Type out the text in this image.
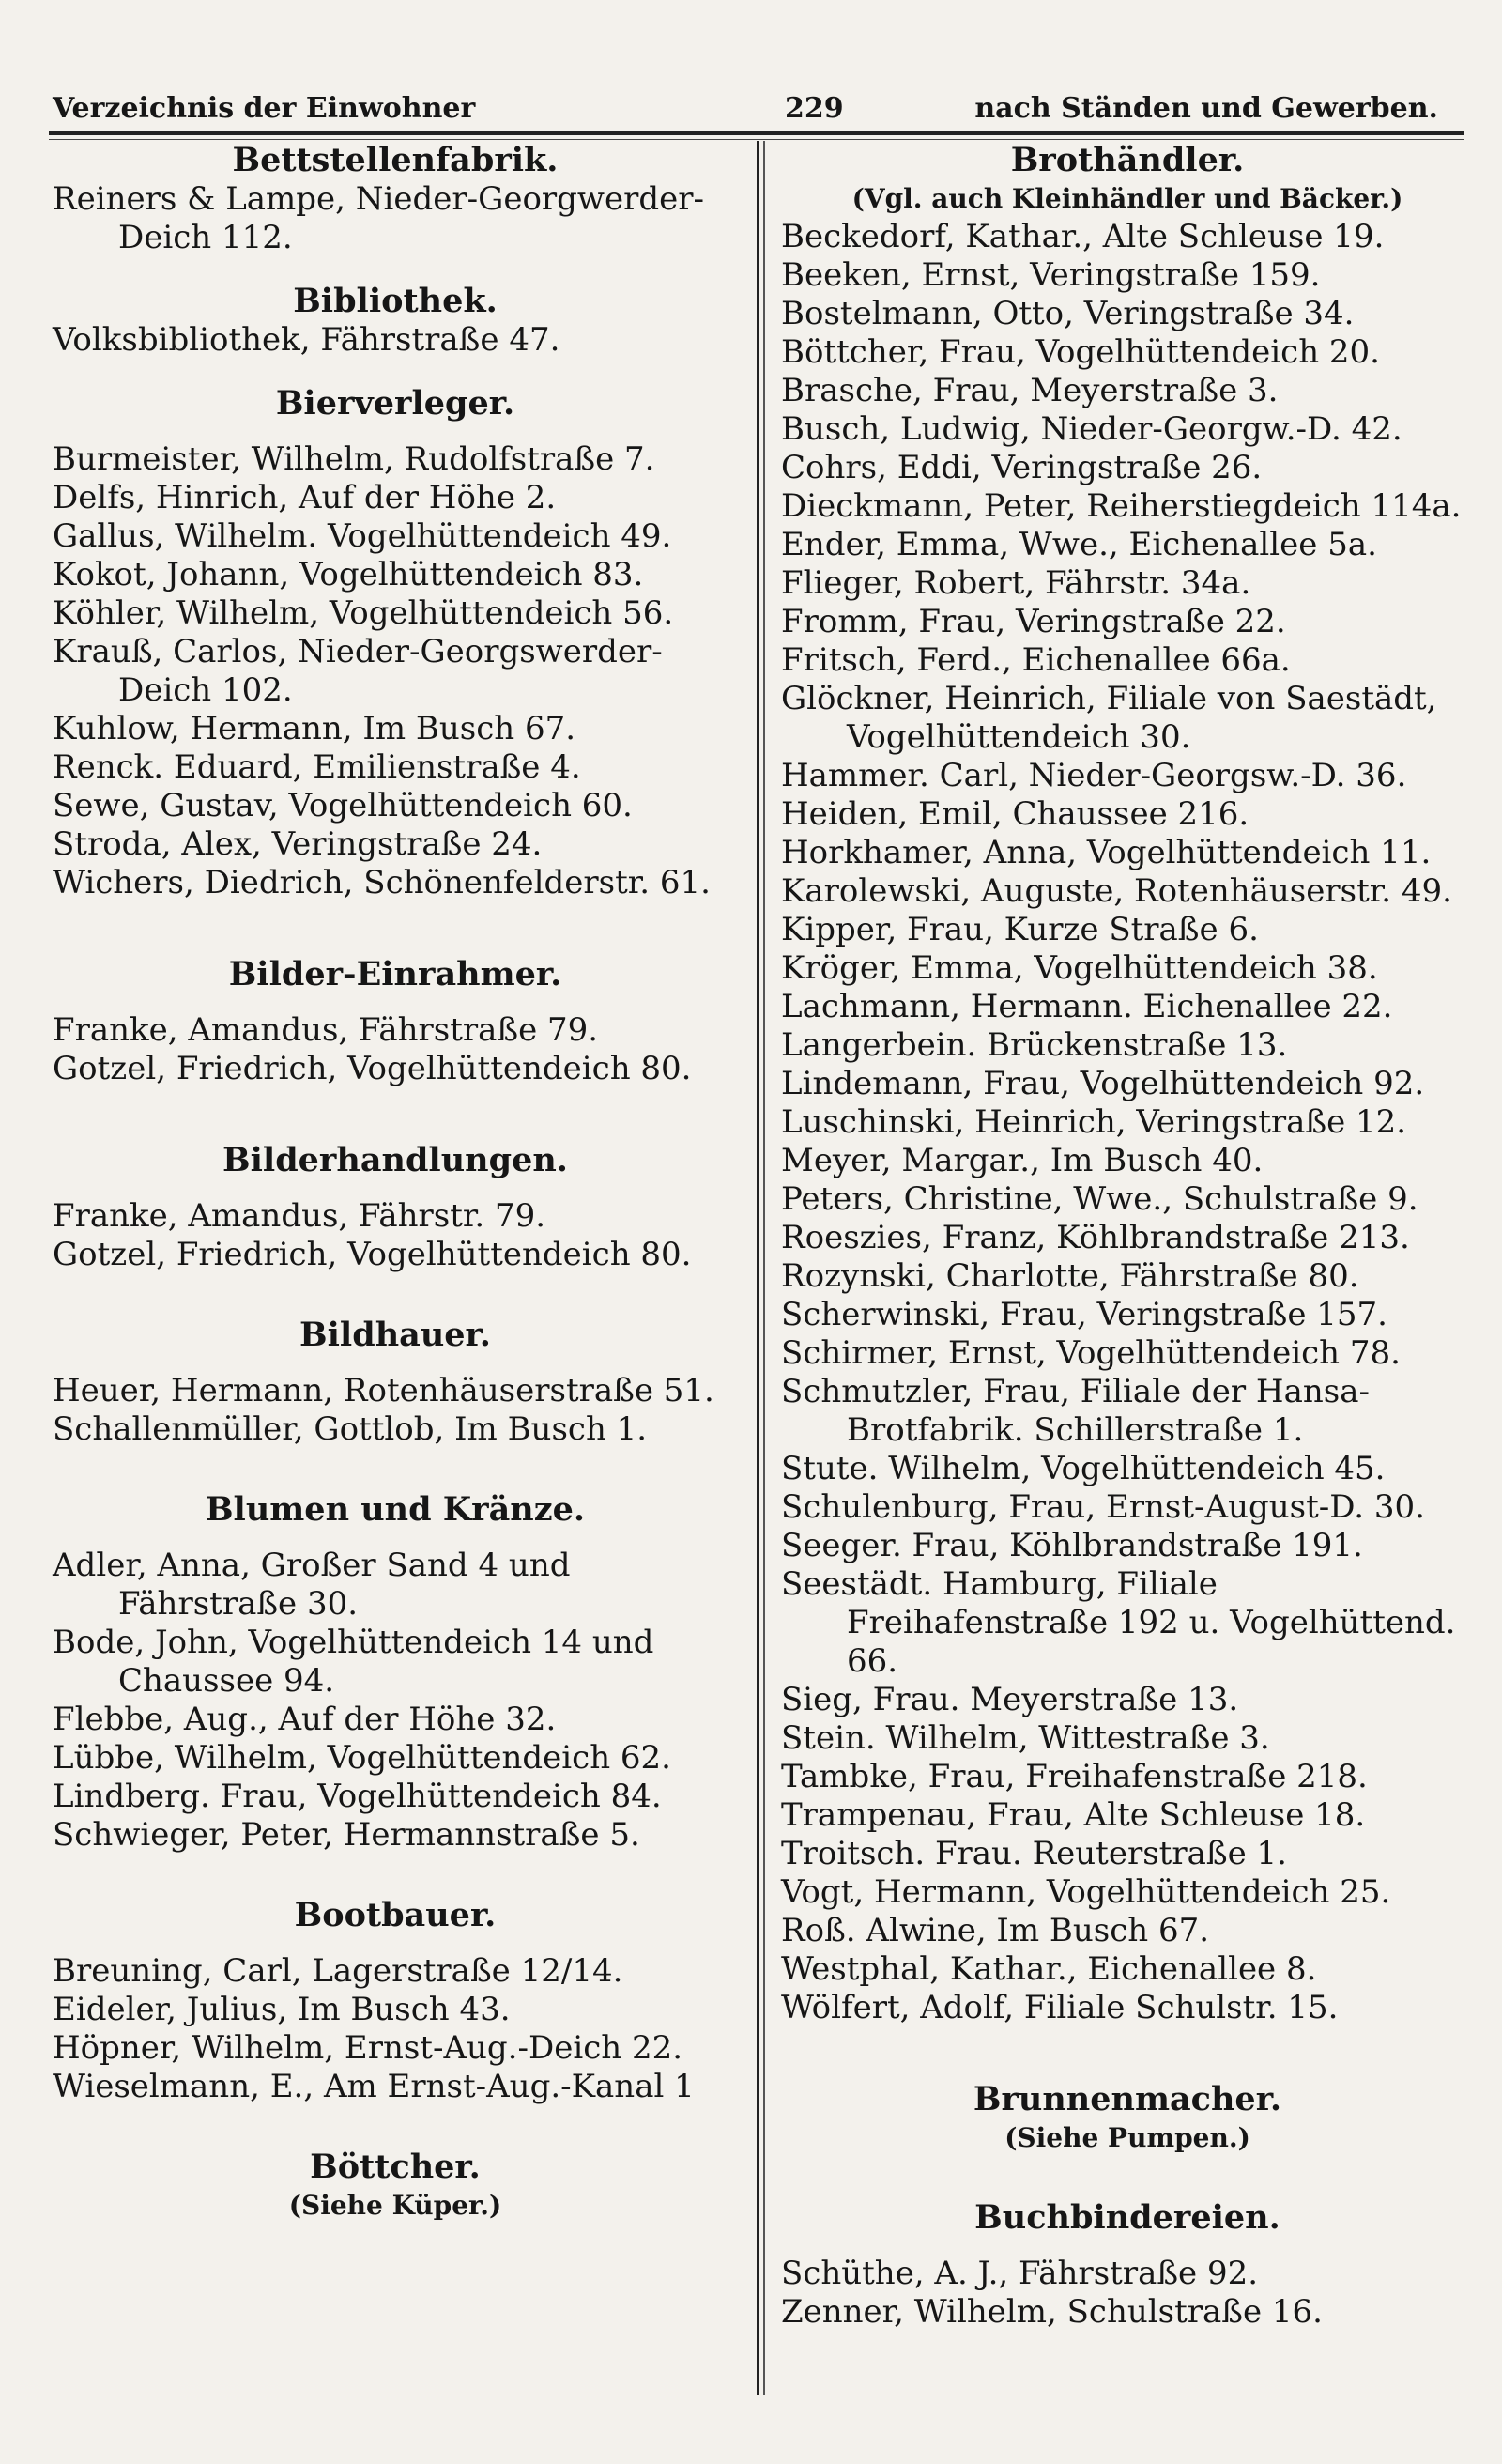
Verzeichnis der Einwohner	229	nach Ständen und Gewerben.

Bettstellenfabrik.

Reiners & Lampe, Nieder-Georgwerder-Deich 112.

Bibliothek.

Volksbibliothek, Fährstraße 47.

Bierverleger.

Burmeister, Wilhelm, Rudolfstraße 7.

Delfs, Hinrich, Auf der Höhe 2.

Gallus, Wilhelm. Vogelhüttendeich 49.

Kokot, Johann, Vogelhüttendeich 83.

Köhler, Wilhelm, Vogelhüttendeich 56.

Krauß, Carlos, Nieder-Georgswerder-Deich 102.

Kuhlow, Hermann, Im Busch 67.

Renck. Eduard, Emilienstraße 4.

Sewe, Gustav, Vogelhüttendeich 60.

Stroda, Alex, Veringstraße 24.

Wichers, Diedrich, Schönenfelderstr. 61.

Bilder-Einrahmer.

Franke, Amandus, Fährstraße 79.

Gotzel, Friedrich, Vogelhüttendeich 80.

Bilderhandlungen.

Franke, Amandus, Fährstr. 79.

Gotzel, Friedrich, Vogelhüttendeich 80.

Bildhauer.

Heuer, Hermann, Rotenhäuserstraße 51.

Schallenmüller, Gottlob, Im Busch 1.

Blumen und Kränze.

Adler, Anna, Großer Sand 4 und Fährstraße 30.

Bode, John, Vogelhüttendeich 14 und Chaussee 94.

Flebbe, Aug., Auf der Höhe 32.

Lübbe, Wilhelm, Vogelhüttendeich 62.

Lindberg. Frau, Vogelhüttendeich 84.

Schwieger, Peter, Hermannstraße 5.

Bootbauer.

Breuning, Carl, Lagerstraße 12/14.

Eideler, Julius, Im Busch 43.

Höpner, Wilhelm, Ernst-Aug.-Deich 22.

Wieselmann, E., Am Ernst-Aug.-Kanal 1

Böttcher.

(Siehe Küper.)

Brothändler.

(Vgl. auch Kleinhändler und Bäcker.)

Beckedorf, Kathar., Alte Schleuse 19.

Beeken, Ernst, Veringstraße 159.

Bostelmann, Otto, Veringstraße 34.

Böttcher, Frau, Vogelhüttendeich 20.

Brasche, Frau, Meyerstraße 3.

Busch, Ludwig, Nieder-Georgw.-D. 42.

Cohrs, Eddi, Veringstraße 26.

Dieckmann, Peter, Reiherstiegdeich 114a.

Ender, Emma, Wwe., Eichenallee 5a.

Flieger, Robert, Fährstr. 34a.

Fromm, Frau, Veringstraße 22.

Fritsch, Ferd., Eichenallee 66a.

Glöckner, Heinrich, Filiale von Saestädt, Vogelhüttendeich 30.

Hammer. Carl, Nieder-Georgsw.-D. 36.

Heiden, Emil, Chaussee 216.

Horkhamer, Anna, Vogelhüttendeich 11.

Karolewski, Auguste, Rotenhäuserstr. 49.

Kipper, Frau, Kurze Straße 6.

Kröger, Emma, Vogelhüttendeich 38.

Lachmann, Hermann. Eichenallee 22.

Langerbein. Brückenstraße 13.

Lindemann, Frau, Vogelhüttendeich 92.

Luschinski, Heinrich, Veringstraße 12.

Meyer, Margar., Im Busch 40.

Peters, Christine, Wwe., Schulstraße 9.

Roeszies, Franz, Köhlbrandstraße 213.

Rozynski, Charlotte, Fährstraße 80.

Scherwinski, Frau, Veringstraße 157.

Schirmer, Ernst, Vogelhüttendeich 78.

Schmutzler, Frau, Filiale der Hansa-Brotfabrik. Schillerstraße 1.

Stute. Wilhelm, Vogelhüttendeich 45.

Schulenburg, Frau, Ernst-August-D. 30.

Seeger. Frau, Köhlbrandstraße 191.

Seestädt. Hamburg, Filiale Freihafenstraße 192 u. Vogelhüttend. 66.

Sieg, Frau. Meyerstraße 13.

Stein. Wilhelm, Wittestraße 3.

Tambke, Frau, Freihafenstraße 218.

Trampenau, Frau, Alte Schleuse 18.

Troitsch. Frau. Reuterstraße 1.

Vogt, Hermann, Vogelhüttendeich 25.

Roß. Alwine, Im Busch 67.

Westphal, Kathar., Eichenallee 8.

Wölfert, Adolf, Filiale Schulstr. 15.

Brunnenmacher.

(Siehe Pumpen.)

Buchbindereien.

Schüthe, A. J., Fährstraße 92.

Zenner, Wilhelm, Schulstraße 16.
